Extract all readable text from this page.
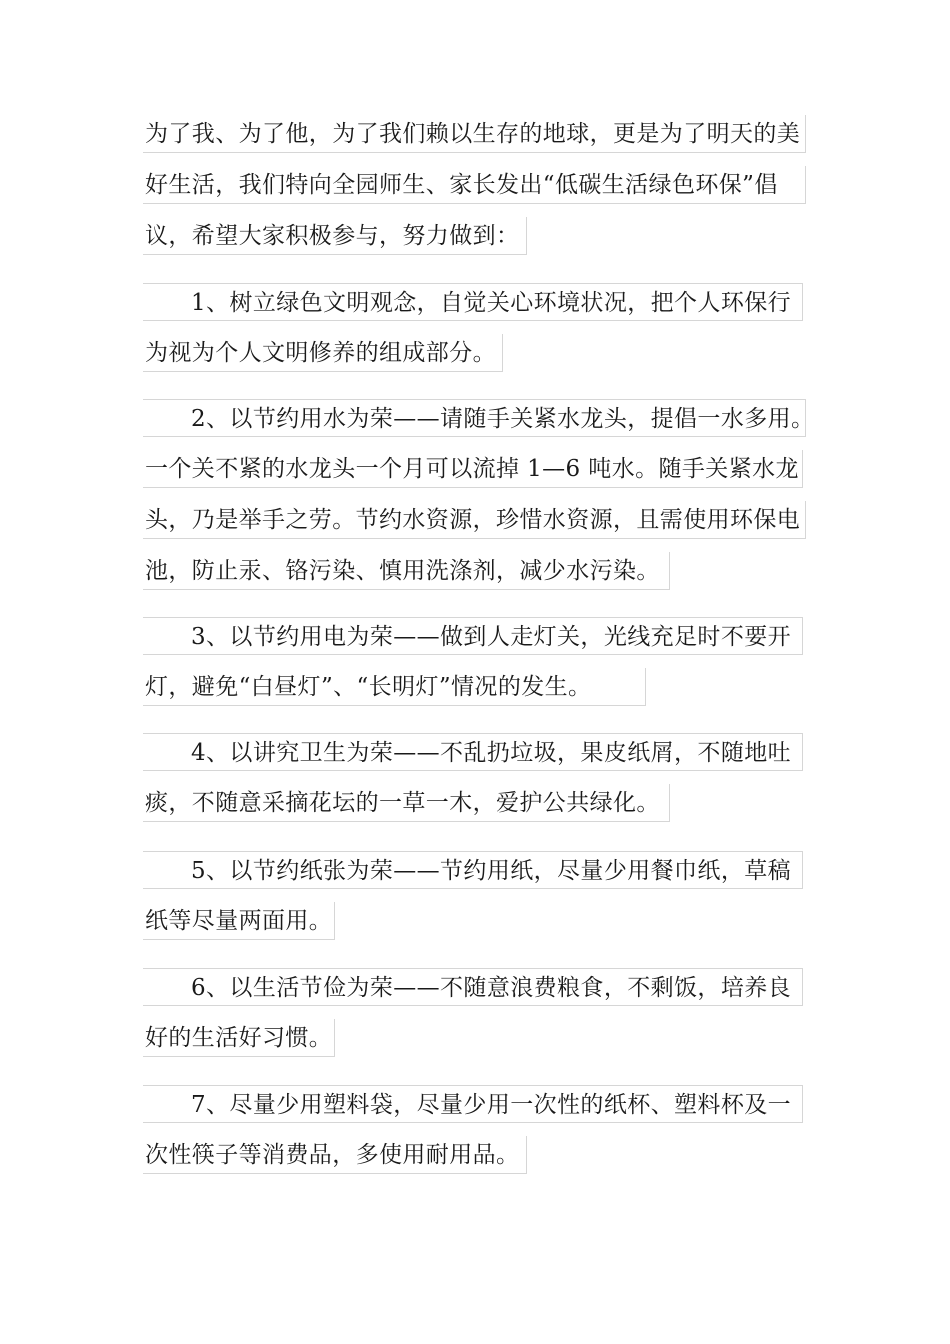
为了我、为了他，为了我们赖以生存的地球，更是为了明天的美
好生活，我们特向全园师生、家长发出“低碳生活绿色环保”倡
议，希望大家积极参与，努力做到：
1、树立绿色文明观念，自觉关心环境状况，把个人环保行
为视为个人文明修养的组成部分。
2、以节约用水为荣——请随手关紧水龙头，提倡一水多用。
一个关不紧的水龙头一个月可以流掉 1—6 吨水。随手关紧水龙
头，乃是举手之劳。节约水资源，珍惜水资源，且需使用环保电
池，防止汞、铬污染、慎用洗涤剂，减少水污染。
3、以节约用电为荣——做到人走灯关，光线充足时不要开
灯，避免“白昼灯”、“长明灯”情况的发生。
4、以讲究卫生为荣——不乱扔垃圾，果皮纸屑，不随地吐
痰，不随意采摘花坛的一草一木，爱护公共绿化。
5、以节约纸张为荣——节约用纸，尽量少用餐巾纸，草稿
纸等尽量两面用。
6、以生活节俭为荣——不随意浪费粮食，不剩饭，培养良
好的生活好习惯。
7、尽量少用塑料袋，尽量少用一次性的纸杯、塑料杯及一
次性筷子等消费品，多使用耐用品。
